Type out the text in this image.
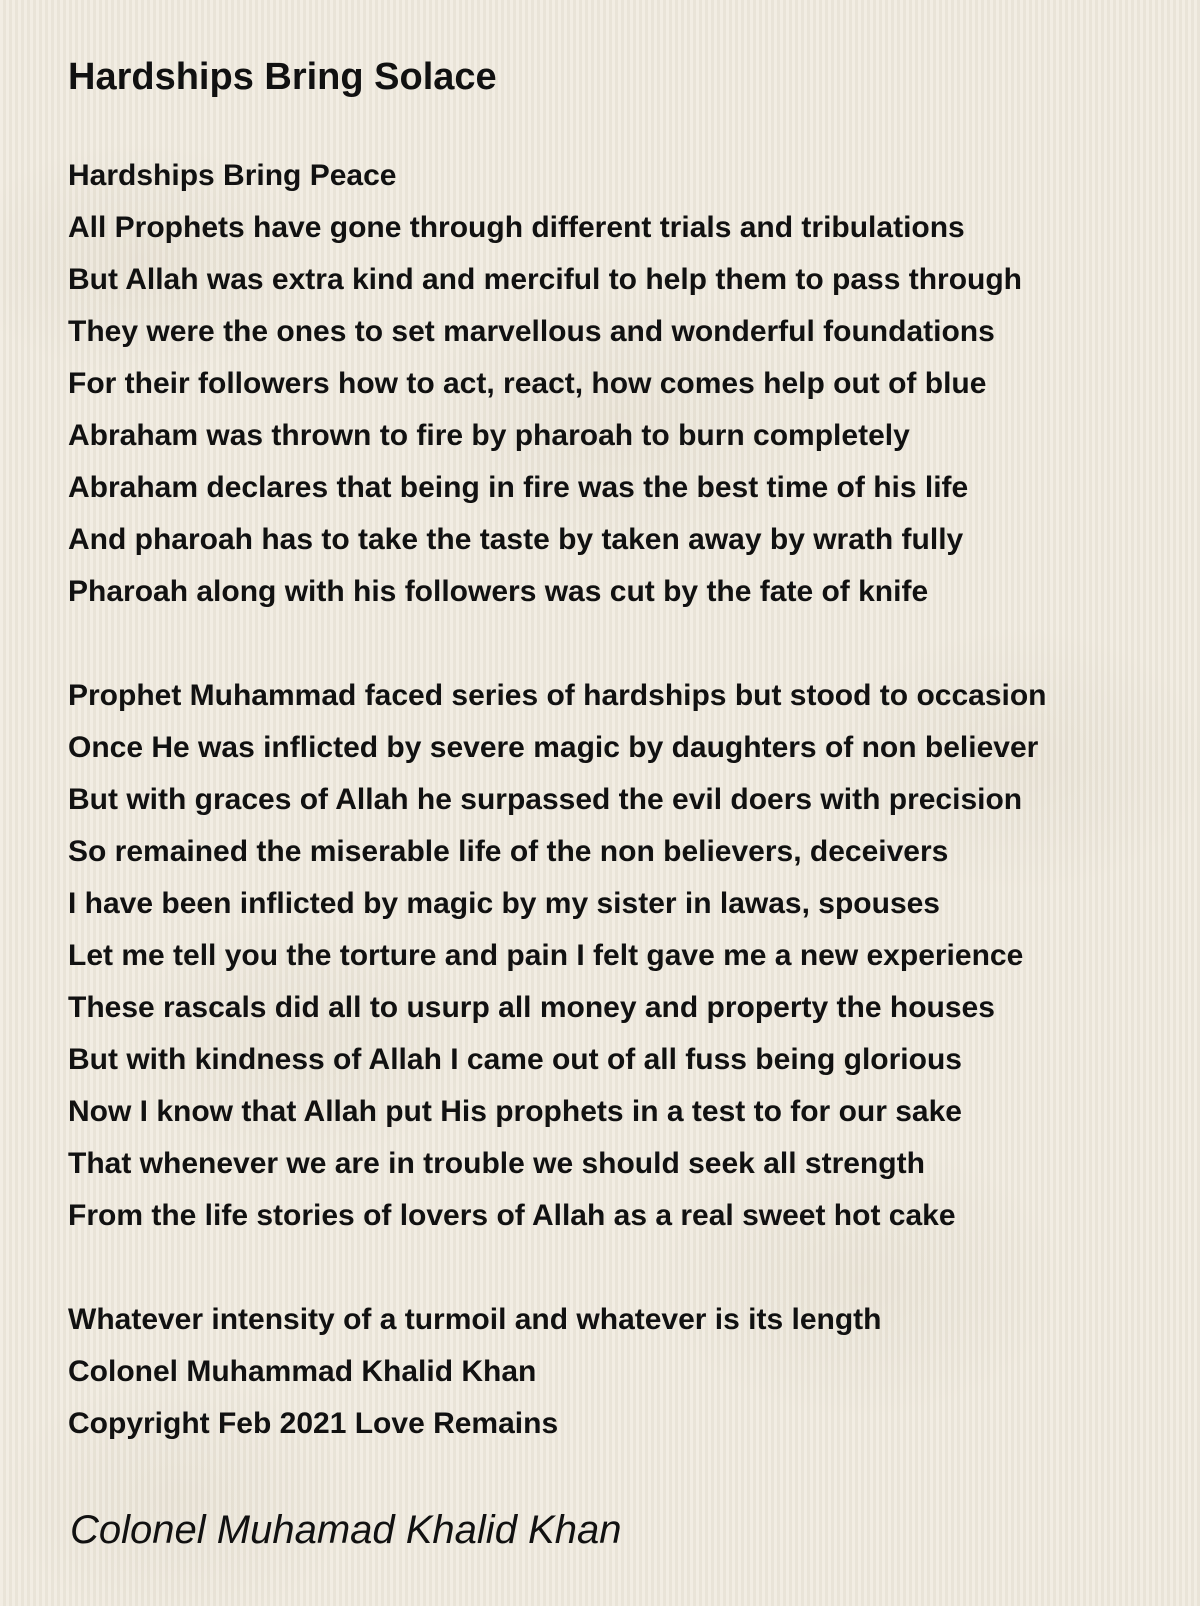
Hardships Bring Solace
Hardships Bring Peace
All Prophets have gone through different trials and tribulations
But Allah was extra kind and merciful to help them to pass through
They were the ones to set marvellous and wonderful foundations
For their followers how to act, react, how comes help out of blue
Abraham was thrown to fire by pharoah to burn completely
Abraham declares that being in fire was the best time of his life
And pharoah has to take the taste by taken away by wrath fully
Pharoah along with his followers was cut by the fate of knife
Prophet Muhammad faced series of hardships but stood to occasion
Once He was inflicted by severe magic by daughters of non believer
But with graces of Allah he surpassed the evil doers with precision
So remained the miserable life of the non believers, deceivers
I have been inflicted by magic by my sister in lawas, spouses
Let me tell you the torture and pain I felt gave me a new experience
These rascals did all to usurp all money and property the houses
But with kindness of Allah I came out of all fuss being glorious
Now I know that Allah put His prophets in a test to for our sake
That whenever we are in trouble we should seek all strength
From the life stories of lovers of Allah as a real sweet hot cake
Whatever intensity of a turmoil and whatever is its length
Colonel Muhammad Khalid Khan
Copyright Feb 2021 Love Remains
Colonel Muhamad Khalid Khan
